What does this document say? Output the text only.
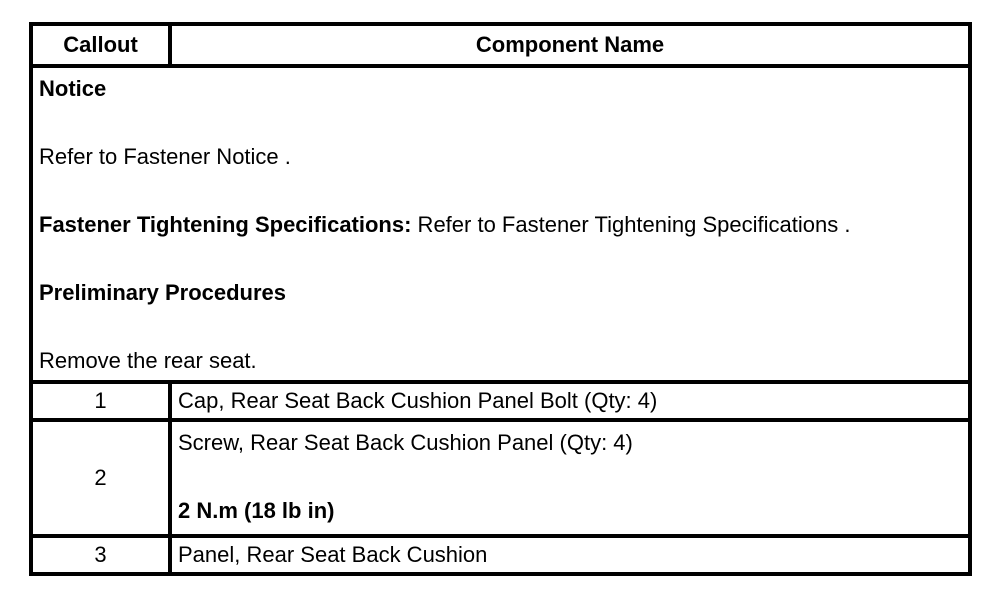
Callout	Component Name

Notice
Refer to Fastener Notice .
Fastener Tightening Specifications: Refer to Fastener Tightening Specifications .
Preliminary Procedures
Remove the rear seat.	

1	Cap, Rear Seat Back Cushion Panel Bolt (Qty: 4)
2	Screw, Rear Seat Back Cushion Panel (Qty: 4)
2 N.m (18 lb in)

3	Panel, Rear Seat Back Cushion
